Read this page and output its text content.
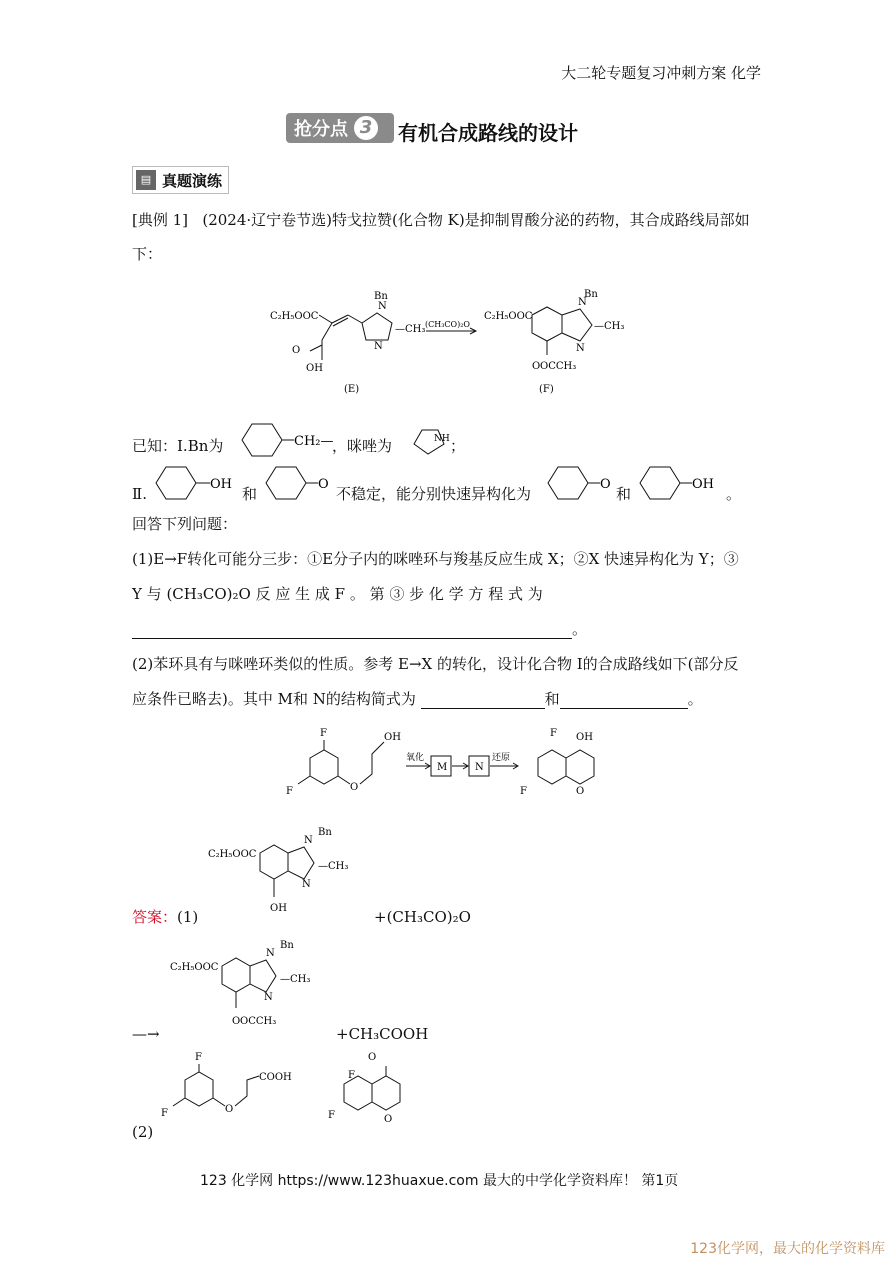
大二轮专题复习冲刺方案 化学
抢分点 3 有机合成路线的设计
▤ 真题演练
[典例 1] (2024·辽宁卷节选)特戈拉赞(化合物 K)是抑制胃酸分泌的药物，其合成路线局部如
下：
C₂H₅OOC
O
OH
N
Bn
N
—CH₃
(E)
(CH₃CO)₂O
C₂H₅OOC
N
Bn
N
—CH₃
O OCCH₃
(F)
已知：Ⅰ.Bn为	CH₂—
，咪唑为	NH ；
Ⅱ.
OH
和
O
不稳定，能分别快速异构化为
O
和
OH
。
回答下列问题：
(1)E→F转化可能分三步：①E分子内的咪唑环与羧基反应生成 X；②X 快速异构化为 Y；③
Y 与 (CH₃CO)₂O 反 应 生 成 F 。 第 ③ 步 化 学 方 程 式 为
。
(2)苯环具有与咪唑环类似的性质。参考 E→X 的转化，设计化合物 I的合成路线如下(部分反
应条件已略去)。其中 M和 N的结构简式为	和	。
F
F	O
OH
氧化
M	N
还原
F OH
O
F
C₂H₅OOC
N
Bn
N
—CH₃
OH
答案：(1)	+(CH₃CO)₂O
C₂H₅OOC
N
Bn
N
—CH₃
O OCCH₃
—→	+CH₃COOH
F
F	O
COOH
O
F
O
F
(2)
123 化学网 https://www.123huaxue.com 最大的中学化学资料库！ 第1页
123化学网，最大的化学资料库
